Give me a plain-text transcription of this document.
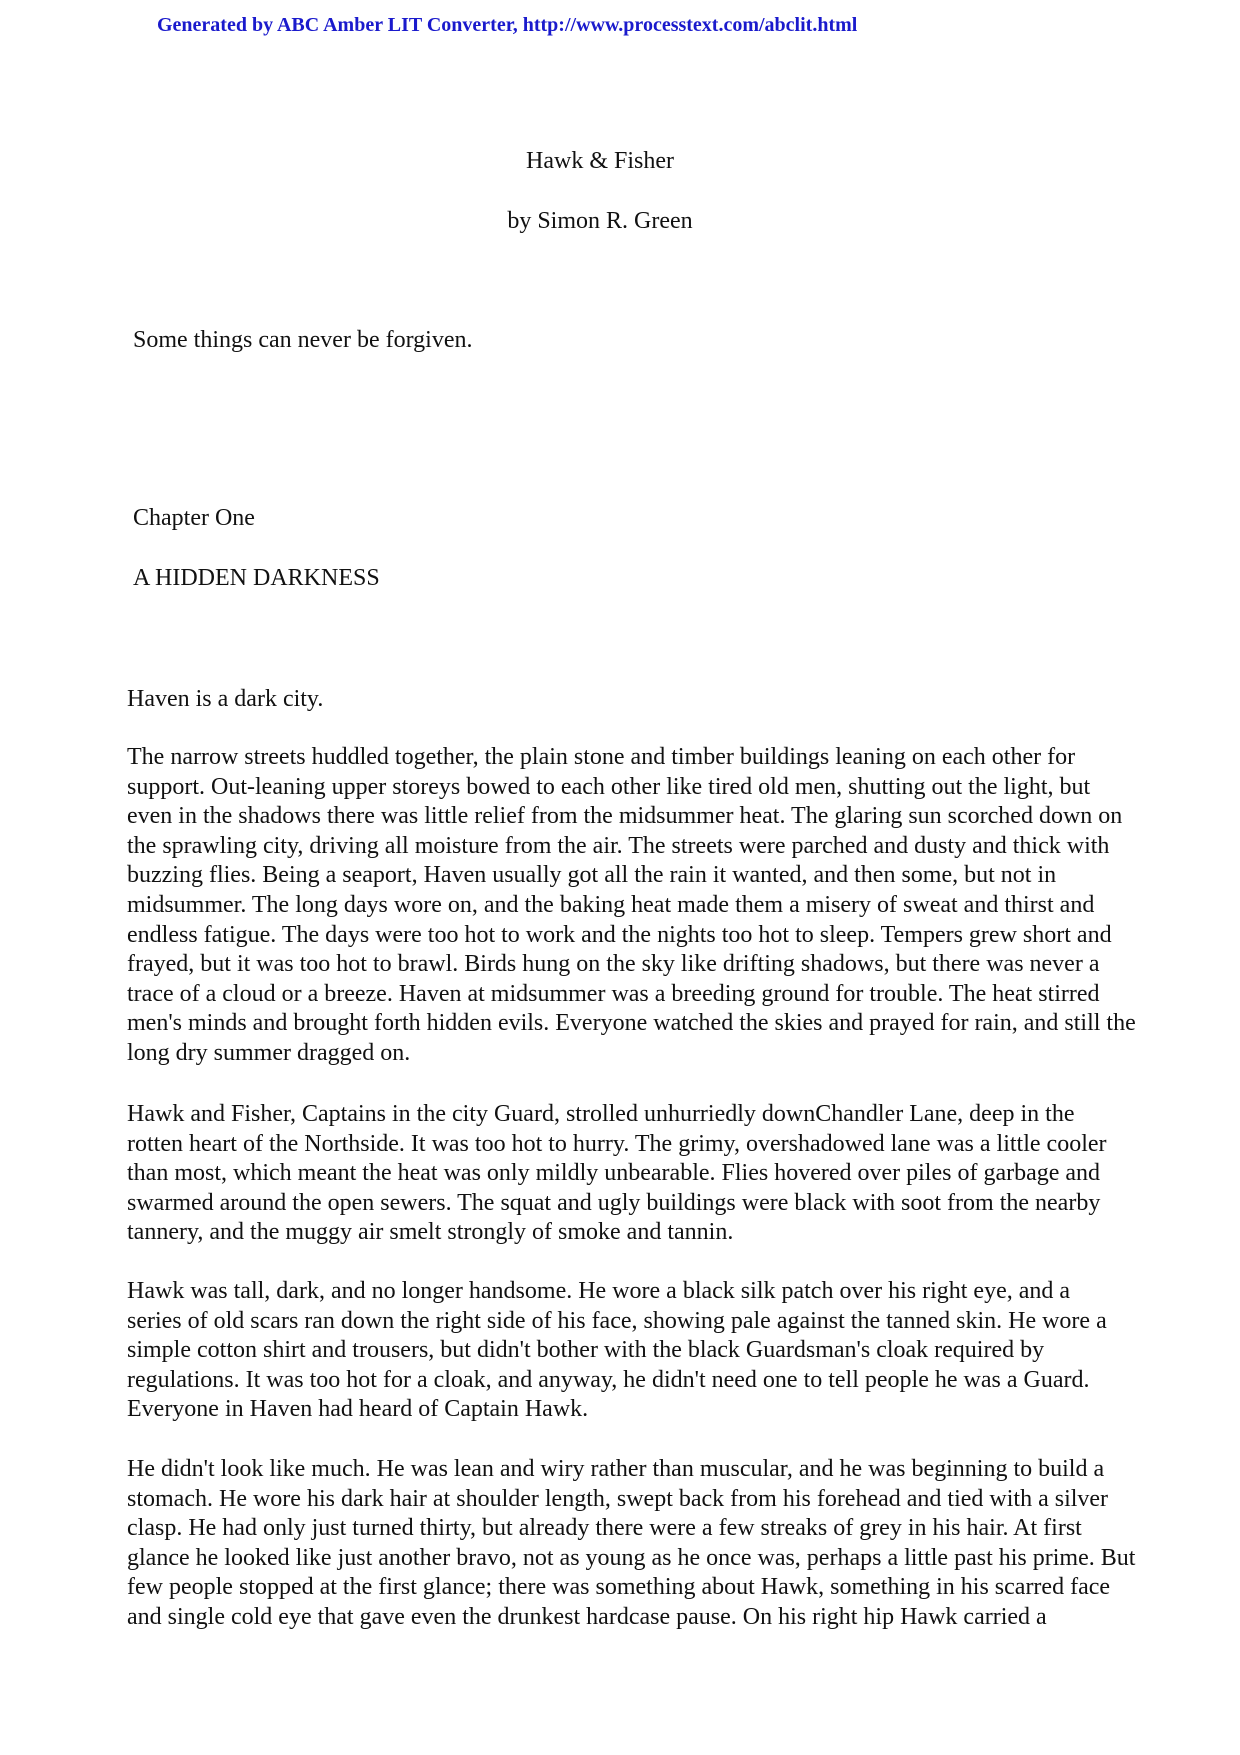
Generated by ABC Amber LIT Converter, http://www.processtext.com/abclit.html
Hawk & Fisher
by Simon R. Green
Some things can never be forgiven.
Chapter One
A HIDDEN DARKNESS
Haven is a dark city.
The narrow streets huddled together, the plain stone and timber buildings leaning on each other for
support. Out-leaning upper storeys bowed to each other like tired old men, shutting out the light, but
even in the shadows there was little relief from the midsummer heat. The glaring sun scorched down on
the sprawling city, driving all moisture from the air. The streets were parched and dusty and thick with
buzzing flies. Being a seaport, Haven usually got all the rain it wanted, and then some, but not in
midsummer. The long days wore on, and the baking heat made them a misery of sweat and thirst and
endless fatigue. The days were too hot to work and the nights too hot to sleep. Tempers grew short and
frayed, but it was too hot to brawl. Birds hung on the sky like drifting shadows, but there was never a
trace of a cloud or a breeze. Haven at midsummer was a breeding ground for trouble. The heat stirred
men's minds and brought forth hidden evils. Everyone watched the skies and prayed for rain, and still the
long dry summer dragged on.
Hawk and Fisher, Captains in the city Guard, strolled unhurriedly downChandler Lane, deep in the
rotten heart of the Northside. It was too hot to hurry. The grimy, overshadowed lane was a little cooler
than most, which meant the heat was only mildly unbearable. Flies hovered over piles of garbage and
swarmed around the open sewers. The squat and ugly buildings were black with soot from the nearby
tannery, and the muggy air smelt strongly of smoke and tannin.
Hawk was tall, dark, and no longer handsome. He wore a black silk patch over his right eye, and a
series of old scars ran down the right side of his face, showing pale against the tanned skin. He wore a
simple cotton shirt and trousers, but didn't bother with the black Guardsman's cloak required by
regulations. It was too hot for a cloak, and anyway, he didn't need one to tell people he was a Guard.
Everyone in Haven had heard of Captain Hawk.
He didn't look like much. He was lean and wiry rather than muscular, and he was beginning to build a
stomach. He wore his dark hair at shoulder length, swept back from his forehead and tied with a silver
clasp. He had only just turned thirty, but already there were a few streaks of grey in his hair. At first
glance he looked like just another bravo, not as young as he once was, perhaps a little past his prime. But
few people stopped at the first glance; there was something about Hawk, something in his scarred face
and single cold eye that gave even the drunkest hardcase pause. On his right hip Hawk carried a
